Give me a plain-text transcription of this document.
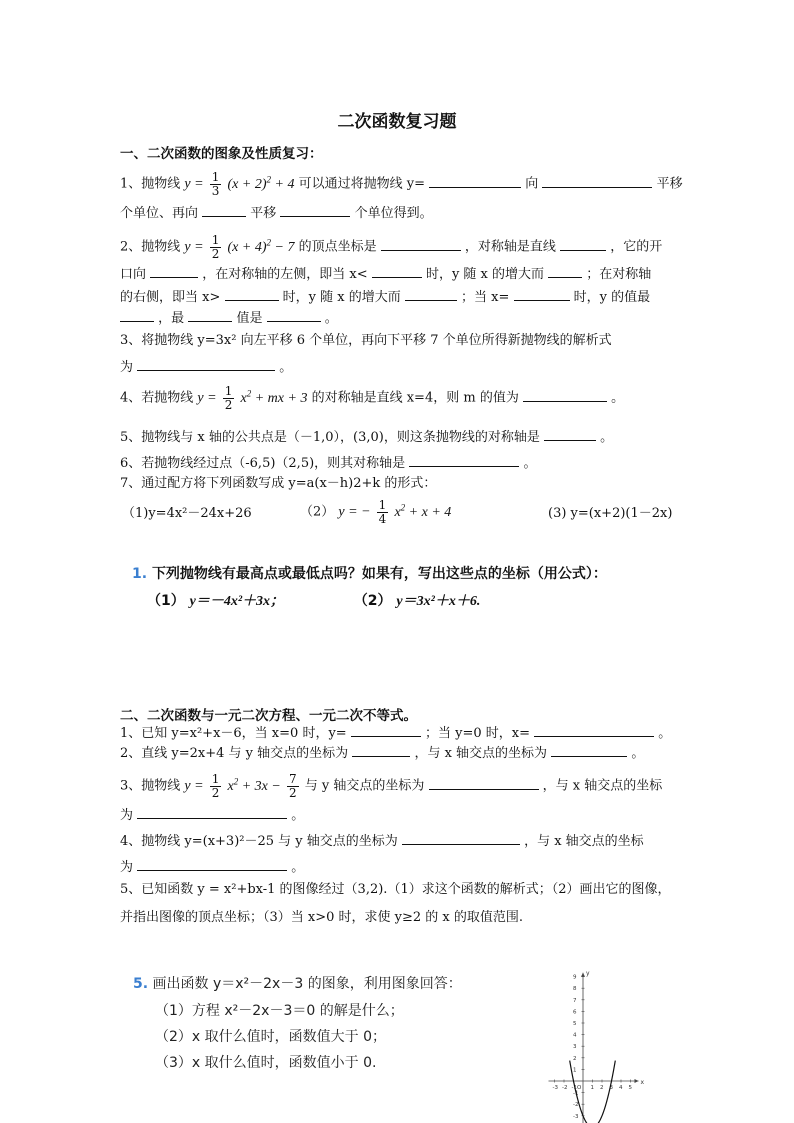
二次函数复习题
一、二次函数的图象及性质复习：
1、抛物线 $y = \frac{1}{3} (x + 2)^2 + 4$ 可以通过将抛物线 y=	向	平移
个单位、再向	平移	个单位得到。
2、抛物线 $y = \frac{1}{2} (x + 4)^2 - 7$ 的顶点坐标是	，对称轴是直线	，它的开
口向	，在对称轴的左侧，即当 x<	时，y 随 x 的增大而	；在对称轴
的右侧，即当 x>	时，y 随 x 的增大而	；当 x=	时，y 的值最
，最	值是	。
3、将抛物线 y=3x² 向左平移 6 个单位，再向下平移 7 个单位所得新抛物线的解析式
为	。
4、若抛物线 $y = \frac{1}{2} x^2$ + mx + 3 的对称轴是直线 x=4，则 m 的值为	。
5、抛物线与 x 轴的公共点是（－1,0），(3,0)，则这条抛物线的对称轴是	。
6、若抛物线经过点（-6,5)（2,5)，则其对称轴是	。
7、通过配方将下列函数写成 y=a(x－h)2+k 的形式：
（1)y=4x²－24x+26	（2） y = − $\frac{1}{4} x^2 + x + 4$	(3) y=(x+2)(1－2x)
1. 下列抛物线有最高点或最低点吗？如果有，写出这些点的坐标（用公式）：
（1） y＝－4x²＋3x；	（2） y＝3x²＋x＋6.
二、二次函数与一元二次方程、一元二次不等式。
1、已知 y=x²+x－6，当 x=0 时，y=	；当 y=0 时，x=	。
2、直线 y=2x+4 与 y 轴交点的坐标为	，与 x 轴交点的坐标为	。
3、抛物线 $y = \frac{1}{2} x^2 + 3x - \frac{7}{2}$ 与 y 轴交点的坐标为	，与 x 轴交点的坐标
为	。
4、抛物线 y=(x+3)²－25 与 y 轴交点的坐标为	，与 x 轴交点的坐标
为	。
5、已知函数 y = x²+bx-1 的图像经过（3,2).（1）求这个函数的解析式；（2）画出它的图像，
并指出图像的顶点坐标；（3）当 x>0 时，求使 y≥2 的 x 的取值范围.
5. 画出函数 y＝x²－2x－3 的图象，利用图象回答：
（1）方程 x²－2x－3＝0 的解是什么；
（2）x 取什么值时，函数值大于 0；
（3）x 取什么值时，函数值小于 0.
x
y
O
-3 -2 -1 1 2 3 4 5
9
8
7
6
5
4
3
2
1
-1
-2
-3
